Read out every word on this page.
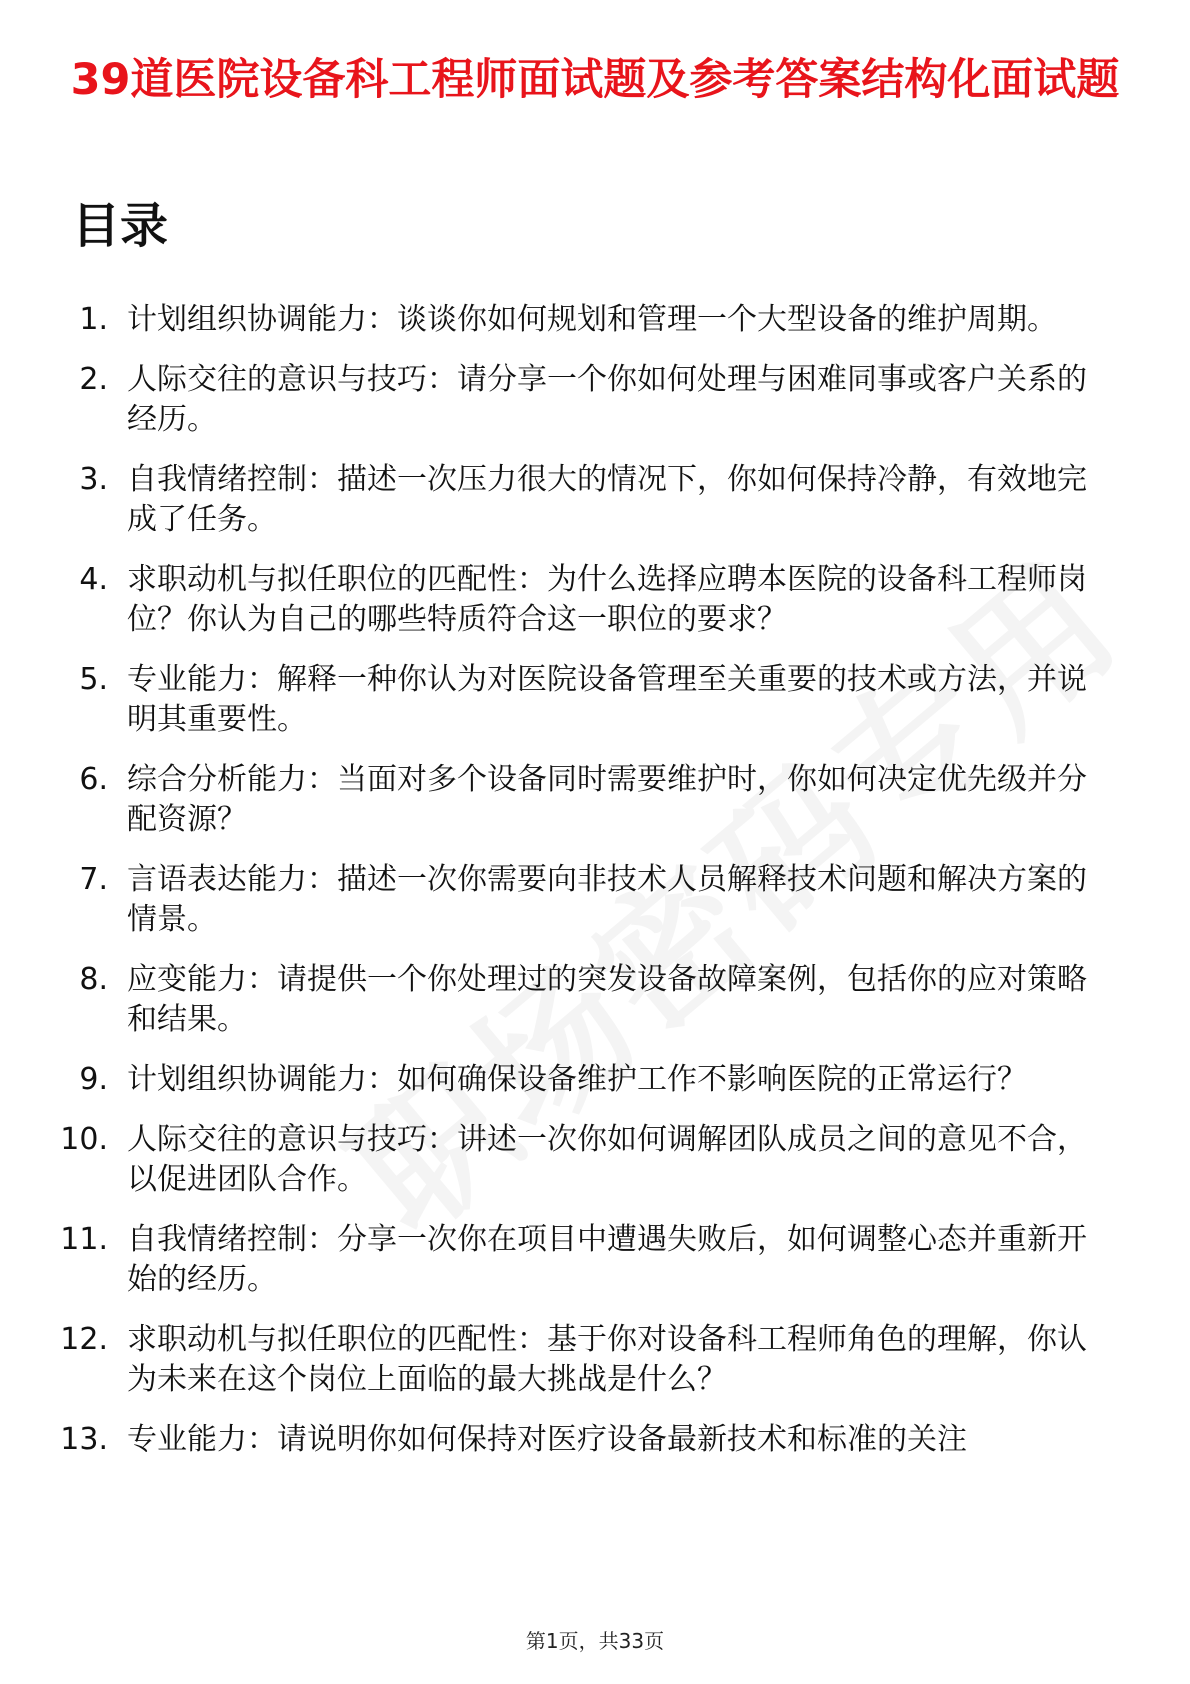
39道医院设备科工程师面试题及参考答案结构化面试题
目录
1. 计划组织协调能力：谈谈你如何规划和管理一个大型设备的维护周期。
2. 人际交往的意识与技巧：请分享一个你如何处理与困难同事或客户关系的经历。
3. 自我情绪控制：描述一次压力很大的情况下，你如何保持冷静，有效地完成了任务。
4. 求职动机与拟任职位的匹配性：为什么选择应聘本医院的设备科工程师岗位？你认为自己的哪些特质符合这一职位的要求？
5. 专业能力：解释一种你认为对医院设备管理至关重要的技术或方法，并说明其重要性。
6. 综合分析能力：当面对多个设备同时需要维护时，你如何决定优先级并分配资源？
7. 言语表达能力：描述一次你需要向非技术人员解释技术问题和解决方案的情景。
8. 应变能力：请提供一个你处理过的突发设备故障案例，包括你的应对策略和结果。
9. 计划组织协调能力：如何确保设备维护工作不影响医院的正常运行？
10. 人际交往的意识与技巧：讲述一次你如何调解团队成员之间的意见不合，以促进团队合作。
11. 自我情绪控制：分享一次你在项目中遭遇失败后，如何调整心态并重新开始的经历。
12. 求职动机与拟任职位的匹配性：基于你对设备科工程师角色的理解，你认为未来在这个岗位上面临的最大挑战是什么？
13. 专业能力：请说明你如何保持对医疗设备最新技术和标准的关注
第1页，共33页
